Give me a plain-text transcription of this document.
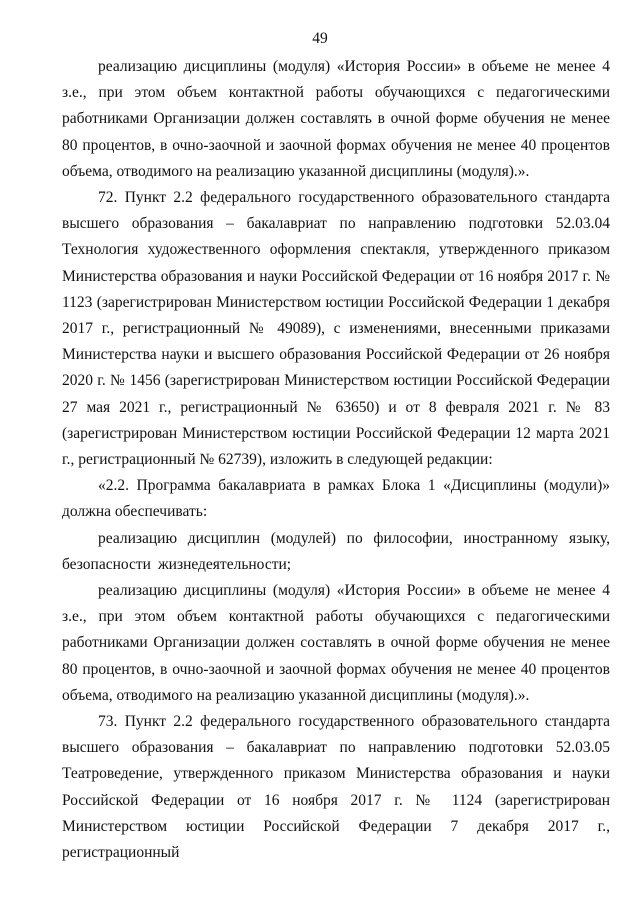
49

реализацию дисциплины (модуля) «История России» в объеме не менее 4 з.е., при этом объем контактной работы обучающихся с педагогическими работниками Организации должен составлять в очной форме обучения не менее 80 процентов, в очно-заочной и заочной формах обучения не менее 40 процентов объема, отводимого на реализацию указанной дисциплины (модуля).».

72. Пункт 2.2 федерального государственного образовательного стандарта высшего образования – бакалавриат по направлению подготовки 52.03.04 Технология художественного оформления спектакля, утвержденного приказом Министерства образования и науки Российской Федерации от 16 ноября 2017 г. № 1123 (зарегистрирован Министерством юстиции Российской Федерации 1 декабря 2017 г., регистрационный № 49089), с изменениями, внесенными приказами Министерства науки и высшего образования Российской Федерации от 26 ноября 2020 г. № 1456 (зарегистрирован Министерством юстиции Российской Федерации 27 мая 2021 г., регистрационный № 63650) и от 8 февраля 2021 г. № 83 (зарегистрирован Министерством юстиции Российской Федерации 12 марта 2021 г., регистрационный № 62739), изложить в следующей редакции:

«2.2. Программа бакалавриата в рамках Блока 1 «Дисциплины (модули)» должна обеспечивать:

реализацию дисциплин (модулей) по философии, иностранному языку, безопасности жизнедеятельности;

реализацию дисциплины (модуля) «История России» в объеме не менее 4 з.е., при этом объем контактной работы обучающихся с педагогическими работниками Организации должен составлять в очной форме обучения не менее 80 процентов, в очно-заочной и заочной формах обучения не менее 40 процентов объема, отводимого на реализацию указанной дисциплины (модуля).».

73. Пункт 2.2 федерального государственного образовательного стандарта высшего образования – бакалавриат по направлению подготовки 52.03.05 Театроведение, утвержденного приказом Министерства образования и науки Российской Федерации от 16 ноября 2017 г. № 1124 (зарегистрирован Министерством юстиции Российской Федерации 7 декабря 2017 г., регистрационный
